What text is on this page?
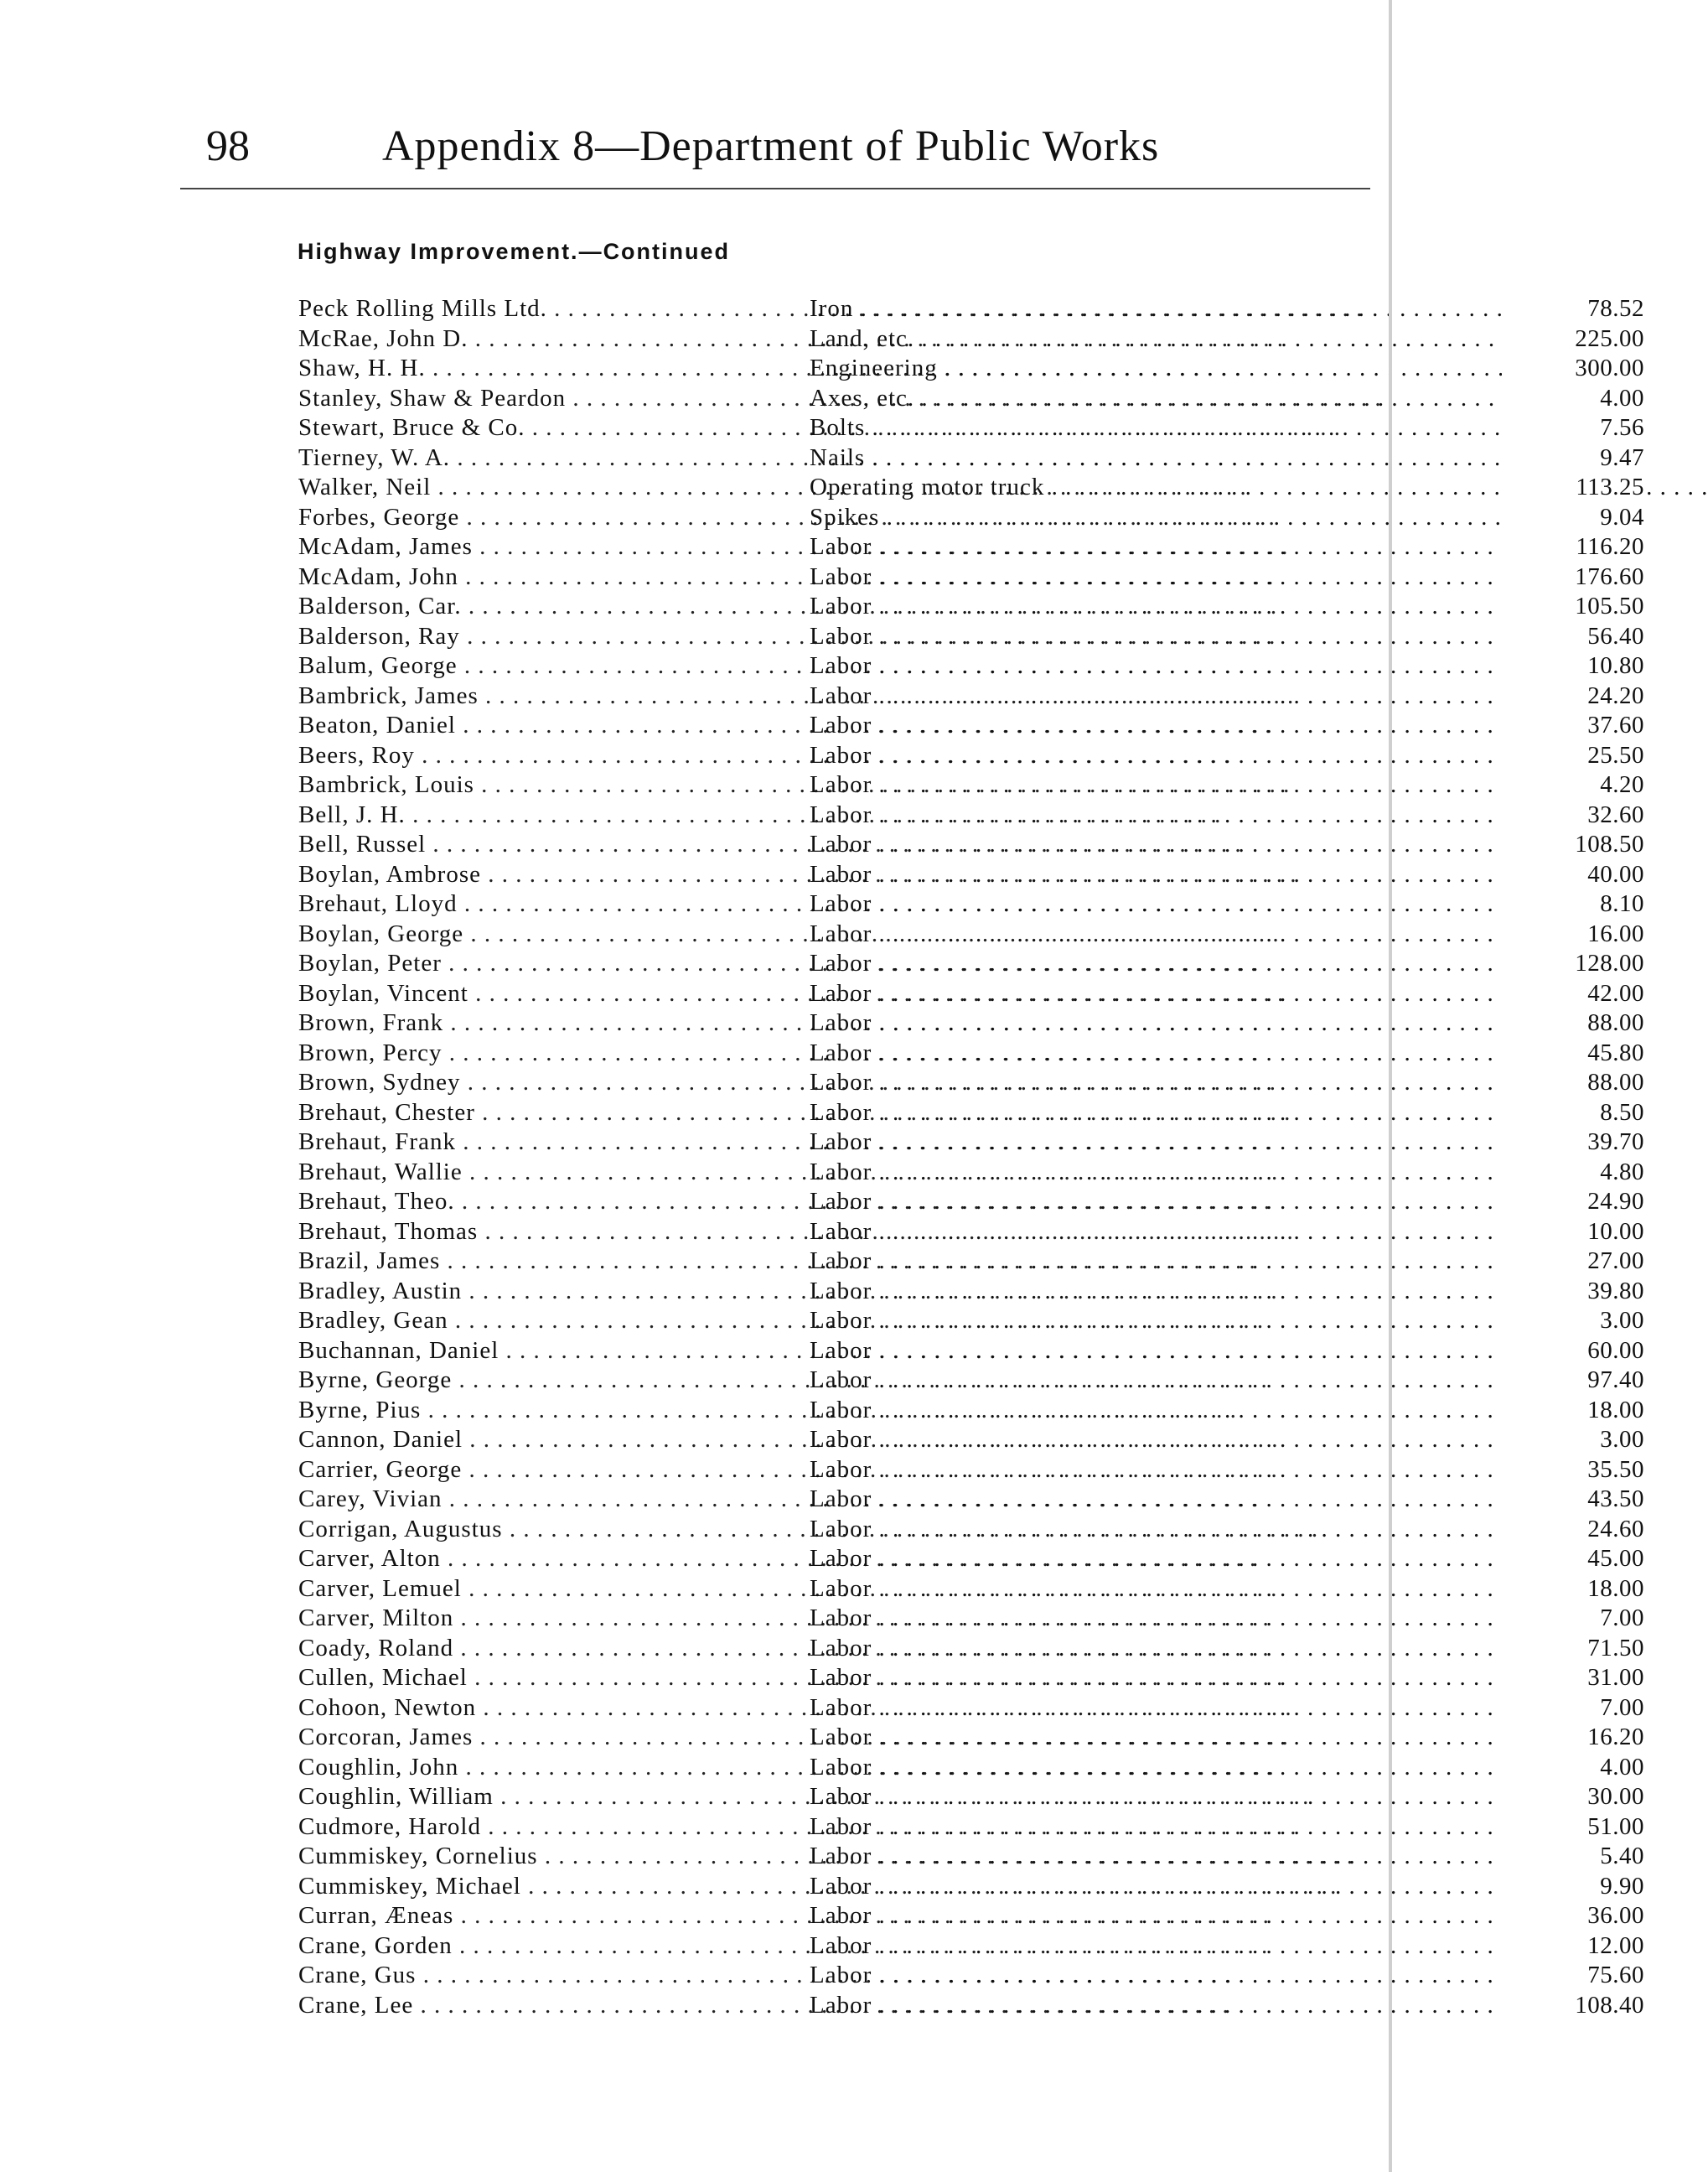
98	Appendix 8—Department of Public Works
Highway Improvement.—Continued
Peck Rolling Mills Ltd. . . .	Iron . . .	78.52
McRae, John D. . . .	Land, etc. . . .	225.00
Shaw, H. H. . . .	Engineering . . .	300.00
Stanley, Shaw & Peardon . . .	Axes, etc. . . .	4.00
Stewart, Bruce & Co. . . .	Bolts . . .	7.56
Tierney, W. A. . . .	Nails . . .	9.47
Walker, Neil . . .	Operating motor truck . . .	113.25
Forbes, George . . .	Spikes . . .	9.04
McAdam, James . . .	Labor . . .	116.20
McAdam, John . . .	Labor . . .	176.60
Balderson, Car. . . .	Labor . . .	105.50
Balderson, Ray . . .	Labor . . .	56.40
Balum, George . . .	Labor . . .	10.80
Bambrick, James . . .	Labor . . .	24.20
Beaton, Daniel . . .	Labor . . .	37.60
Beers, Roy . . .	Labor . . .	25.50
Bambrick, Louis . . .	Labor . . .	4.20
Bell, J. H. . . .	Labor . . .	32.60
Bell, Russel . . .	Labor . . .	108.50
Boylan, Ambrose . . .	Labor . . .	40.00
Brehaut, Lloyd . . .	Labor . . .	8.10
Boylan, George . . .	Labor . . .	16.00
Boylan, Peter . . .	Labor . . .	128.00
Boylan, Vincent . . .	Labor . . .	42.00
Brown, Frank . . .	Labor . . .	88.00
Brown, Percy . . .	Labor . . .	45.80
Brown, Sydney . . .	Labor . . .	88.00
Brehaut, Chester . . .	Labor . . .	8.50
Brehaut, Frank . . .	Labor . . .	39.70
Brehaut, Wallie . . .	Labor . . .	4.80
Brehaut, Theo. . . .	Labor . . .	24.90
Brehaut, Thomas . . .	Labor . . .	10.00
Brazil, James . . .	Labor . . .	27.00
Bradley, Austin . . .	Labor . . .	39.80
Bradley, Gean . . .	Labor . . .	3.00
Buchannan, Daniel . . .	Labor . . .	60.00
Byrne, George . . .	Labor . . .	97.40
Byrne, Pius . . .	Labor . . .	18.00
Cannon, Daniel . . .	Labor . . .	3.00
Carrier, George . . .	Labor . . .	35.50
Carey, Vivian . . .	Labor . . .	43.50
Corrigan, Augustus . . .	Labor . . .	24.60
Carver, Alton . . .	Labor . . .	45.00
Carver, Lemuel . . .	Labor . . .	18.00
Carver, Milton . . .	Labor . . .	7.00
Coady, Roland . . .	Labor . . .	71.50
Cullen, Michael . . .	Labor . . .	31.00
Cohoon, Newton . . .	Labor . . .	7.00
Corcoran, James . . .	Labor . . .	16.20
Coughlin, John . . .	Labor . . .	4.00
Coughlin, William . . .	Labor . . .	30.00
Cudmore, Harold . . .	Labor . . .	51.00
Cummiskey, Cornelius . . .	Labor . . .	5.40
Cummiskey, Michael . . .	Labor . . .	9.90
Curran, Æneas . . .	Labor . . .	36.00
Crane, Gorden . . .	Labor . . .	12.00
Crane, Gus . . .	Labor . . .	75.60
Crane, Lee . . .	Labor . . .	108.40
